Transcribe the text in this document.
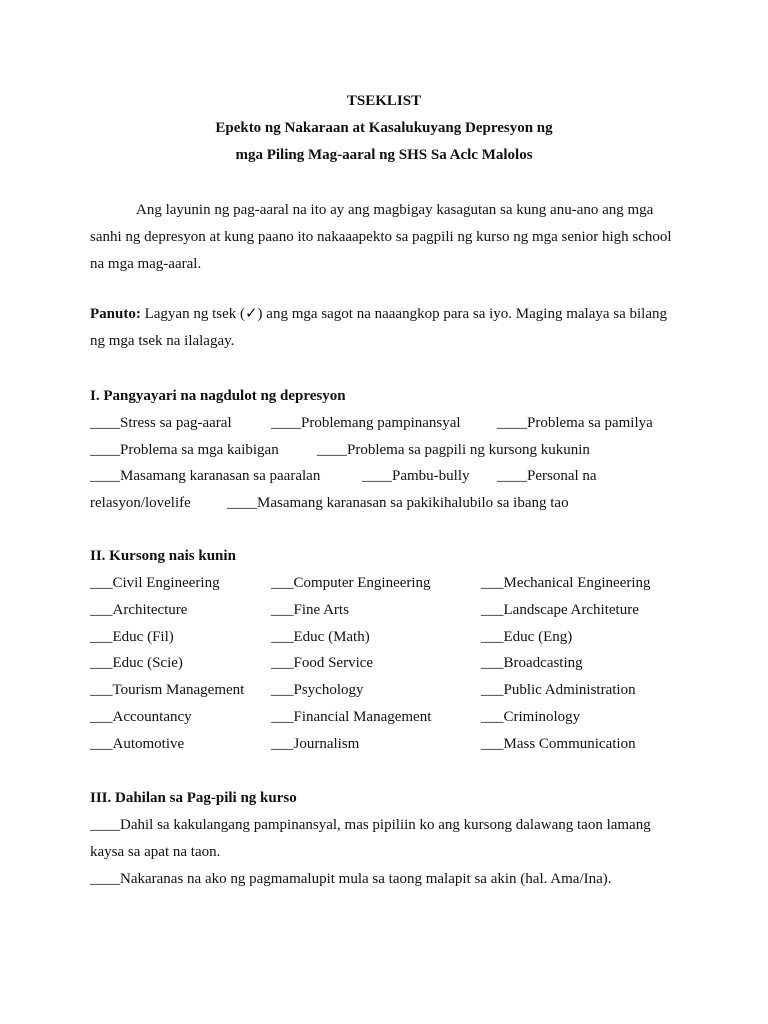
TSEKLIST
Epekto ng Nakaraan at Kasalukuyang Depresyon ng
mga Piling Mag-aaral ng SHS Sa Aclc Malolos
Ang layunin ng pag-aaral na ito ay ang magbigay kasagutan sa kung anu-ano ang mga
sanhi ng depresyon at kung paano ito nakaaapekto sa pagpili ng kurso ng mga senior high school
na mga mag-aaral.
Panuto: Lagyan ng tsek (✓) ang mga sagot na naaangkop para sa iyo. Maging malaya sa bilang
ng mga tsek na ilalagay.
I. Pangyayari na nagdulot ng depresyon
____Stress sa pag-aaral	____Problemang pampinansyal ____Problema sa pamilya
____Problema sa mga kaibigan	____Problema sa pagpili ng kursong kukunin
____Masamang karanasan sa paaralan	____Pambu-bully ____Personal na
relasyon/lovelife ____Masamang karanasan sa pakikihalubilo sa ibang tao
II. Kursong nais kunin
___Civil Engineering	___Computer Engineering	___Mechanical Engineering
___Architecture	___Fine Arts	___Landscape Architeture
___Educ (Fil)	___Educ (Math)	___Educ (Eng)
___Educ (Scie)	___Food Service	___Broadcasting
___Tourism Management ___Psychology	___Public Administration
___Accountancy	___Financial Management	___Criminology
___Automotive	___Journalism	___Mass Communication
III. Dahilan sa Pag-pili ng kurso
____Dahil sa kakulangang pampinansyal, mas pipiliin ko ang kursong dalawang taon lamang
kaysa sa apat na taon.
____Nakaranas na ako ng pagmamalupit mula sa taong malapit sa akin (hal. Ama/Ina).
